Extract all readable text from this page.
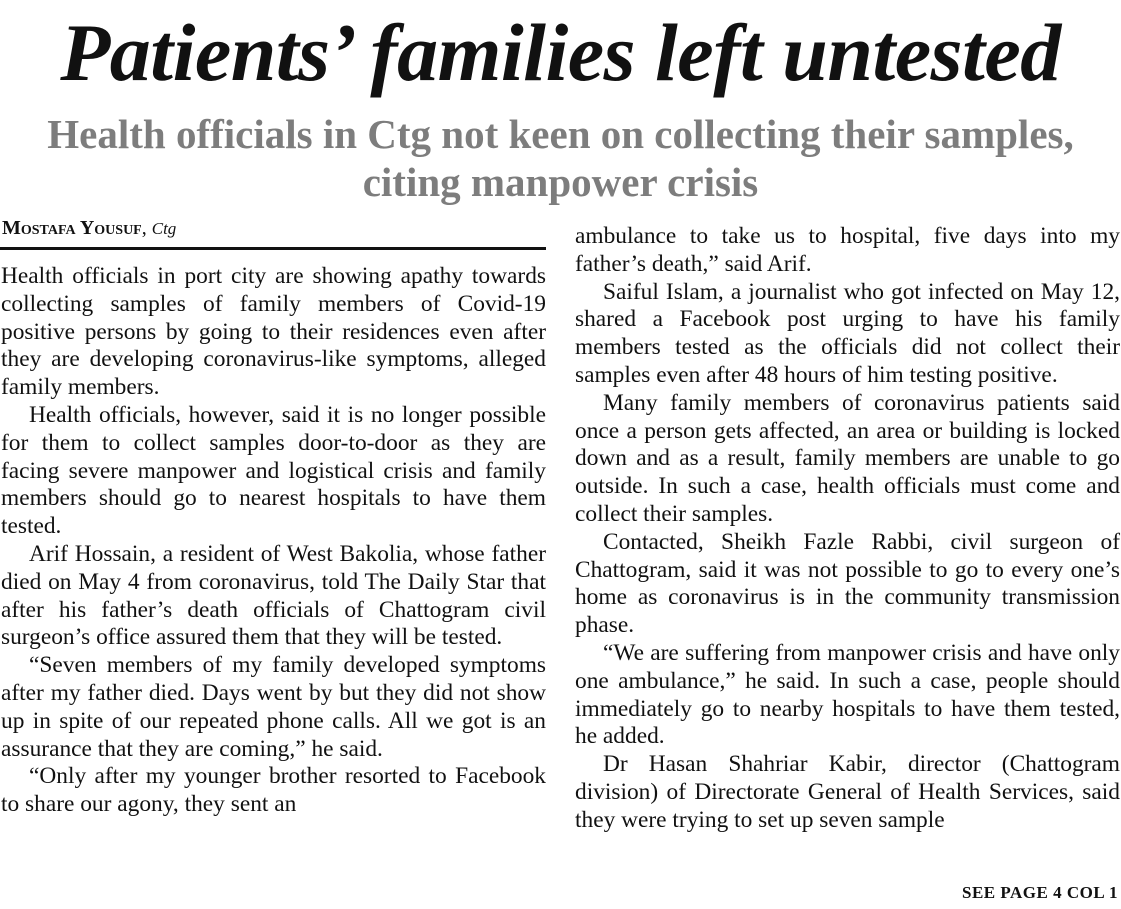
Patients’ families left untested
Health officials in Ctg not keen on collecting their samples, citing manpower crisis
Mostafa Yousuf, Ctg

Health officials in port city are showing apathy towards collecting samples of family members of Covid-19 positive persons by going to their residences even after they are developing coronavirus-like symptoms, alleged family members.

Health officials, however, said it is no longer possible for them to collect samples door-to-door as they are facing severe manpower and logistical crisis and family members should go to nearest hospitals to have them tested.

Arif Hossain, a resident of West Bakolia, whose father died on May 4 from coronavirus, told The Daily Star that after his father’s death officials of Chattogram civil surgeon’s office assured them that they will be tested.

“Seven members of my family developed symptoms after my father died. Days went by but they did not show up in spite of our repeated phone calls. All we got is an assurance that they are coming,” he said.

“Only after my younger brother resorted to Facebook to share our agony, they sent an

ambulance to take us to hospital, five days into my father’s death,” said Arif.

Saiful Islam, a journalist who got infected on May 12, shared a Facebook post urging to have his family members tested as the officials did not collect their samples even after 48 hours of him testing positive.

Many family members of coronavirus patients said once a person gets affected, an area or building is locked down and as a result, family members are unable to go outside. In such a case, health officials must come and collect their samples.

Contacted, Sheikh Fazle Rabbi, civil surgeon of Chattogram, said it was not possible to go to every one’s home as coronavirus is in the community transmission phase.

“We are suffering from manpower crisis and have only one ambulance,” he said. In such a case, people should immediately go to nearby hospitals to have them tested, he added.

Dr Hasan Shahriar Kabir, director (Chattogram division) of Directorate General of Health Services, said they were trying to set up seven sample

SEE PAGE 4 COL 1
